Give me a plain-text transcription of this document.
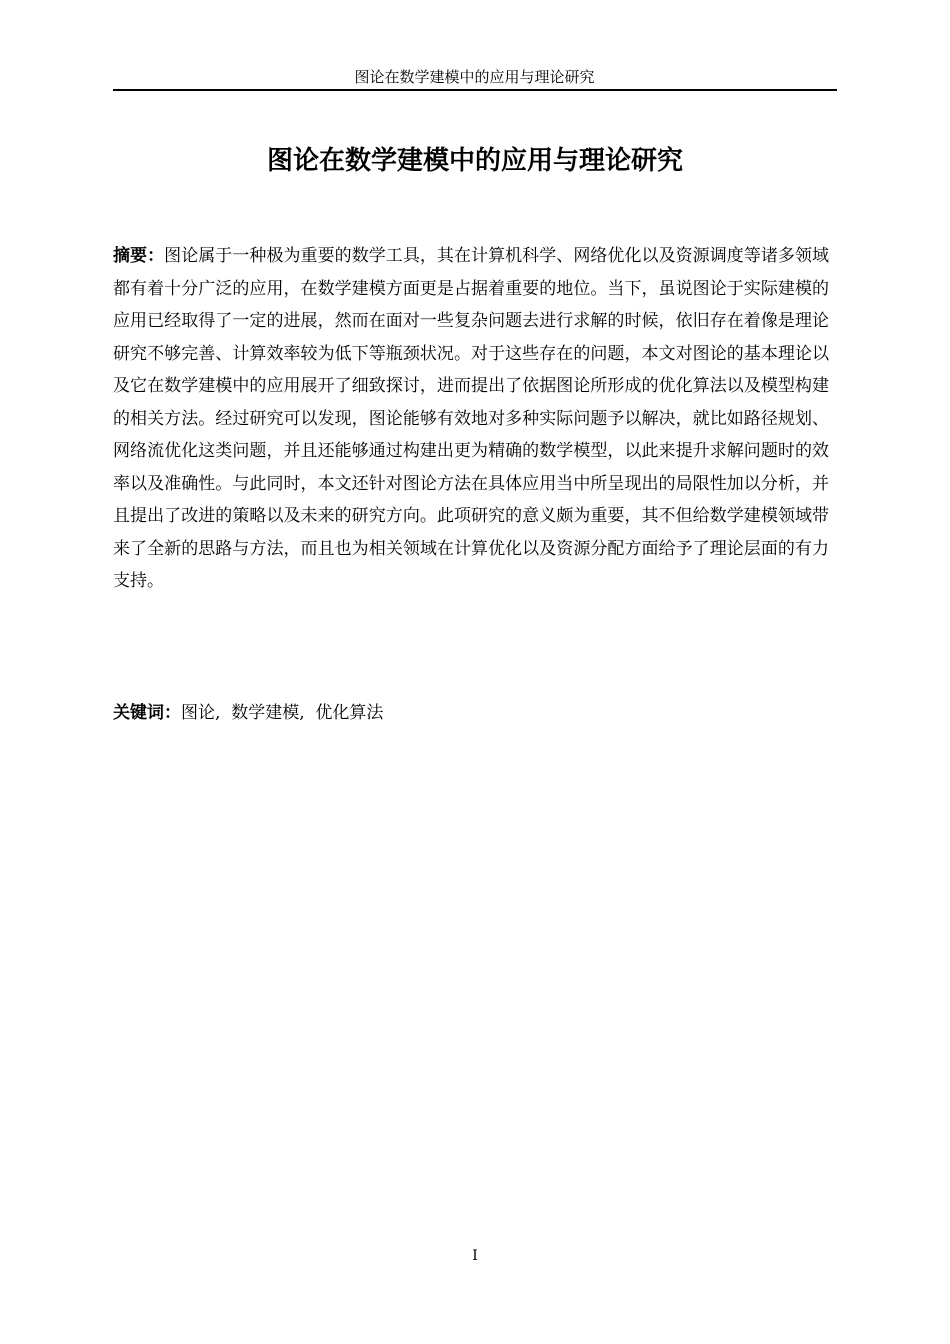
图论在数学建模中的应用与理论研究
图论在数学建模中的应用与理论研究

摘要：图论属于一种极为重要的数学工具，其在计算机科学、网络优化以及资源调度等诸多领域都有着十分广泛的应用，在数学建模方面更是占据着重要的地位。当下，虽说图论于实际建模的应用已经取得了一定的进展，然而在面对一些复杂问题去进行求解的时候，依旧存在着像是理论研究不够完善、计算效率较为低下等瓶颈状况。对于这些存在的问题，本文对图论的基本理论以及它在数学建模中的应用展开了细致探讨，进而提出了依据图论所形成的优化算法以及模型构建的相关方法。经过研究可以发现，图论能够有效地对多种实际问题予以解决，就比如路径规划、网络流优化这类问题，并且还能够通过构建出更为精确的数学模型，以此来提升求解问题时的效率以及准确性。与此同时，本文还针对图论方法在具体应用当中所呈现出的局限性加以分析，并且提出了改进的策略以及未来的研究方向。此项研究的意义颇为重要，其不但给数学建模领域带来了全新的思路与方法，而且也为相关领域在计算优化以及资源分配方面给予了理论层面的有力支持。

关键词：图论,  数学建模,  优化算法

I
